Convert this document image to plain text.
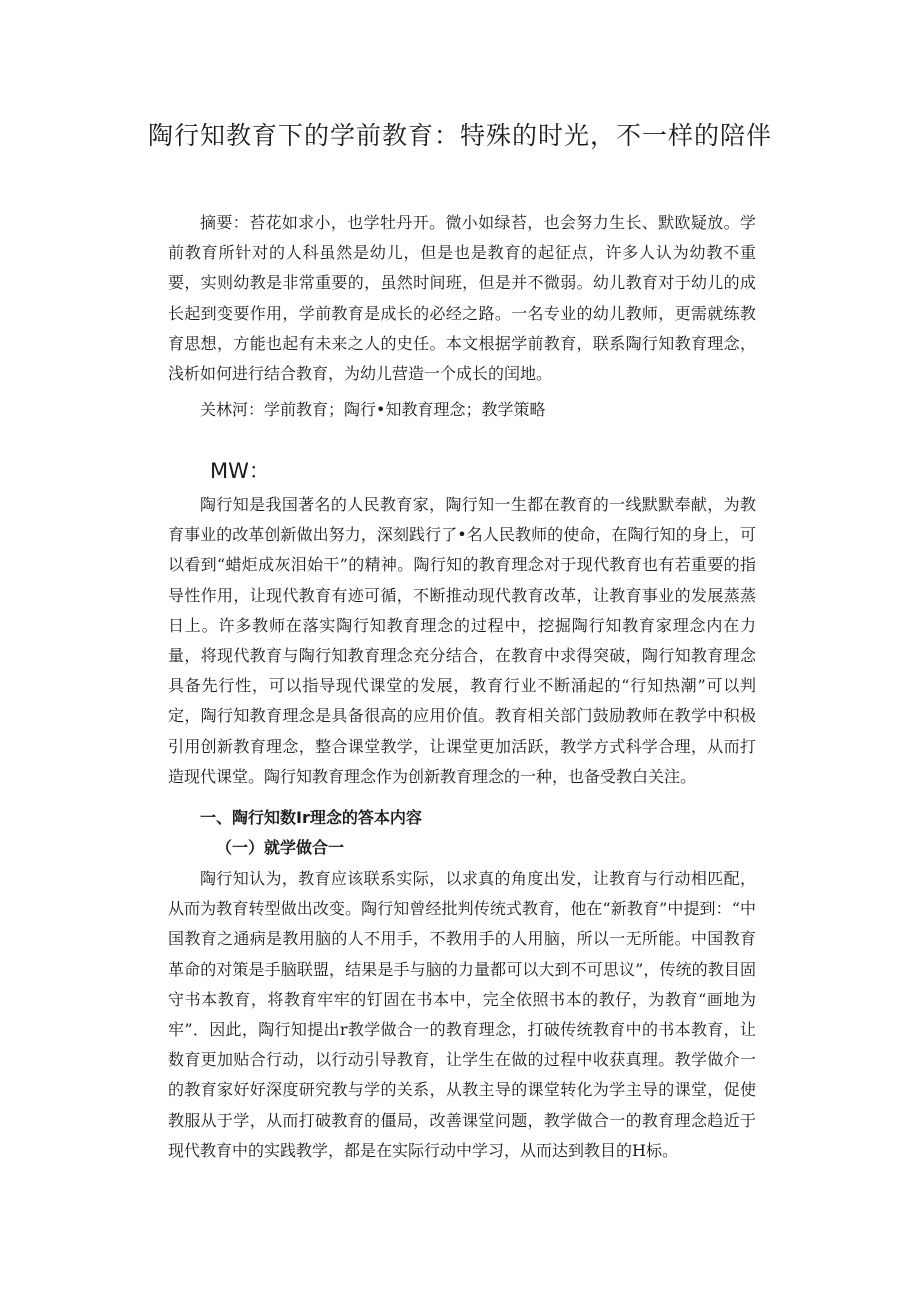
陶行知教育下的学前教育：特殊的时光，不一样的陪伴

摘要：苔花如求小，也学牡丹开。微小如绿苔，也会努力生长、默欧疑放。学前教育所针对的人科虽然是幼儿，但是也是教育的起征点，许多人认为幼教不重要，实则幼教是非常重要的，虽然时间班，但是并不微弱。幼儿教育对于幼儿的成长起到变要作用，学前教育是成长的必经之路。一名专业的幼儿教师，更需就练教育思想，方能也起有未来之人的史任。本文根据学前教育，联系陶行知教育理念，浅析如何进行结合教育，为幼儿营造一个成长的闰地。

关林河：学前教育；陶行•知教育理念；教学策略
MW：

陶行知是我国著名的人民教育家，陶行知一生都在教育的一线默默奉献，为教育事业的改革创新做出努力，深刻践行了•名人民教师的使命，在陶行知的身上，可以看到“蜡炬成灰泪始干”的精神。陶行知的教育理念对于现代教育也有若重要的指导性作用，让现代教育有迹可循，不断推动现代教育改革，让教育事业的发展蒸蒸日上。许多教师在落实陶行知教育理念的过程中，挖掘陶行知教育家理念内在力量，将现代教育与陶行知教育理念充分结合，在教育中求得突破，陶行知教育理念具备先行性，可以指导现代课堂的发展，教育行业不断涌起的“行知热潮”可以判定，陶行知教育理念是具备很高的应用价值。教育相关部门鼓励教师在教学中积极引用创新教育理念，整合课堂教学，让课堂更加活跃，教学方式科学合理，从而打造现代课堂。陶行知教育理念作为创新教育理念的一种，也备受教白关注。

一、陶行知数Ir理念的答本内容
（一）就学做合一

陶行知认为，教育应该联系实际，以求真的角度出发，让教育与行动相匹配，从而为教育转型做出改变。陶行知曾经批判传统式教育，他在“新教育”中提到：“中国教育之通病是教用脑的人不用手，不教用手的人用脑，所以一无所能。中国教育革命的对策是手脑联盟，结果是手与脑的力量都可以大到不可思议”，传统的教目固守书本教育，将教育牢牢的钉固在书本中，完全依照书本的教仔，为教育“画地为牢”．因此，陶行知提出r教学做合一的教育理念，打破传统教育中的书本教育，让数育更加贴合行动，以行动引导教育，让学生在做的过程中收获真理。教学做介一的教育家好好深度研究教与学的关系，从教主导的课堂转化为学主导的课堂，促使教服从于学，从而打破教育的僵局，改善课堂问题，教学做合一的教育理念趋近于现代教育中的实践教学，都是在实际行动中学习，从而达到教目的H标。
